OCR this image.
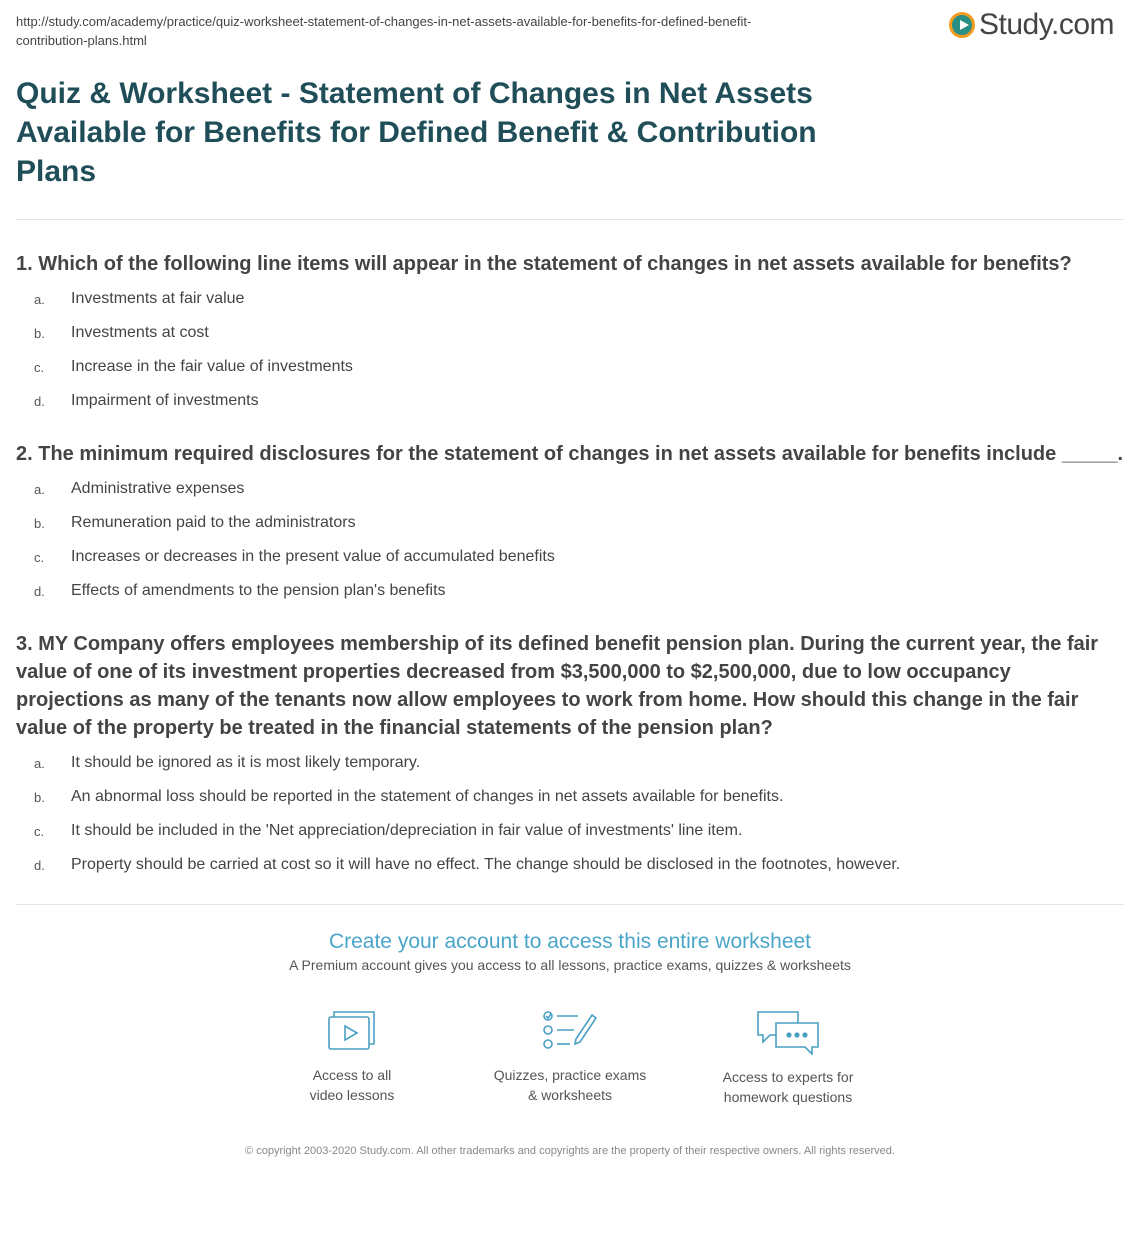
http://study.com/academy/practice/quiz-worksheet-statement-of-changes-in-net-assets-available-for-benefits-for-defined-benefit-contribution-plans.html	Study.com
Quiz & Worksheet - Statement of Changes in Net Assets Available for Benefits for Defined Benefit & Contribution Plans
1. Which of the following line items will appear in the statement of changes in net assets available for benefits?
a.	Investments at fair value
b.	Investments at cost
c.	Increase in the fair value of investments
d.	Impairment of investments
2. The minimum required disclosures for the statement of changes in net assets available for benefits include _____.
a.	Administrative expenses
b.	Remuneration paid to the administrators
c.	Increases or decreases in the present value of accumulated benefits
d.	Effects of amendments to the pension plan's benefits
3. MY Company offers employees membership of its defined benefit pension plan. During the current year, the fair value of one of its investment properties decreased from $3,500,000 to $2,500,000, due to low occupancy projections as many of the tenants now allow employees to work from home. How should this change in the fair value of the property be treated in the financial statements of the pension plan?
a.	It should be ignored as it is most likely temporary.
b.	An abnormal loss should be reported in the statement of changes in net assets available for benefits.
c.	It should be included in the 'Net appreciation/depreciation in fair value of investments' line item.
d.	Property should be carried at cost so it will have no effect. The change should be disclosed in the footnotes, however.
Create your account to access this entire worksheet
A Premium account gives you access to all lessons, practice exams, quizzes & worksheets
Access to all
video lessons
Quizzes, practice exams
& worksheets
Access to experts for
homework questions
© copyright 2003-2020 Study.com. All other trademarks and copyrights are the property of their respective owners. All rights reserved.
